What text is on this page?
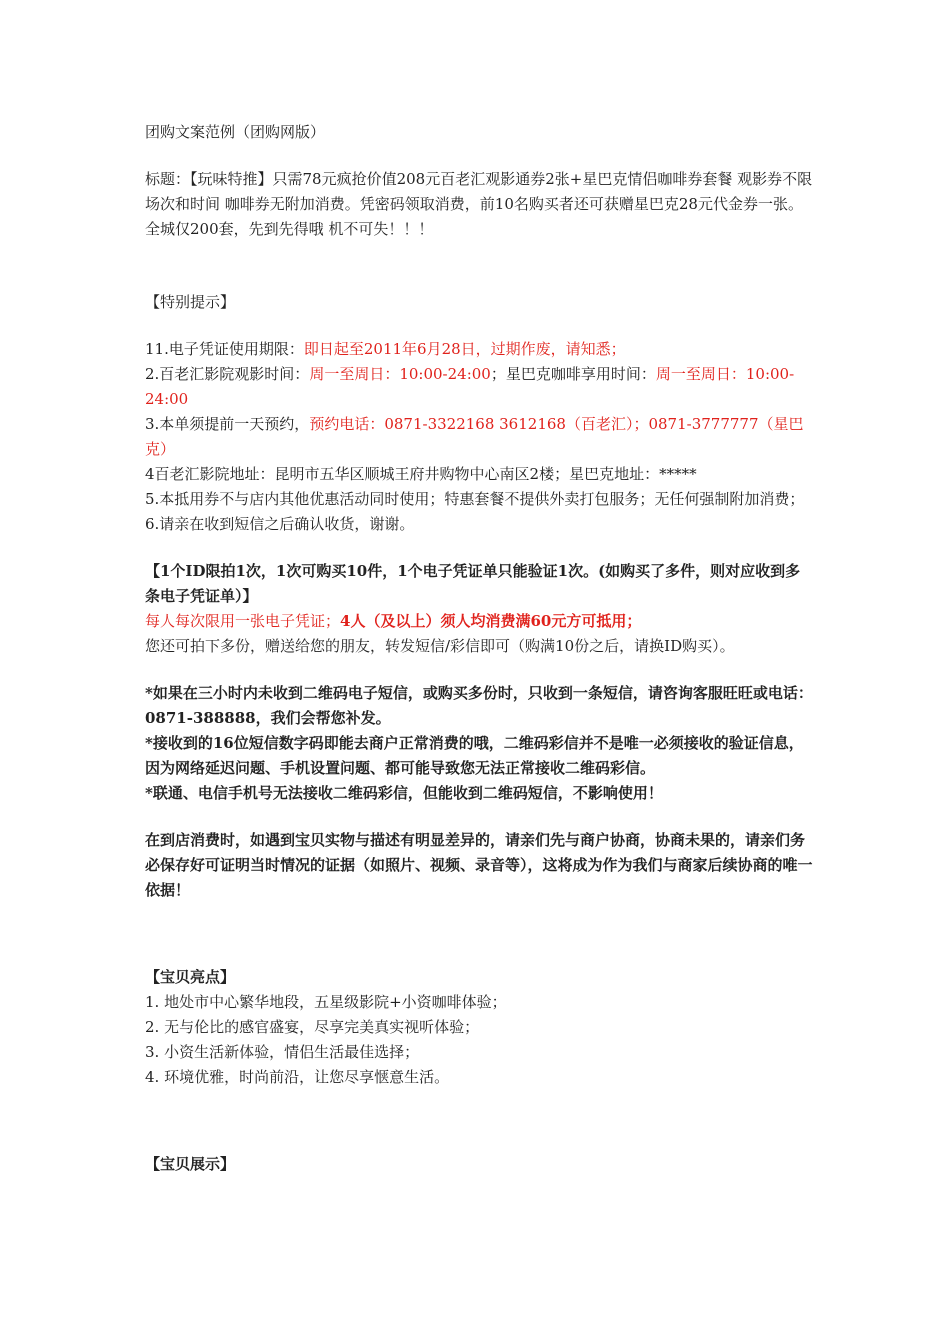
团购文案范例（团购网版）

标题：【玩味特推】只需78元疯抢价值208元百老汇观影通券2张+星巴克情侣咖啡券套餐 观影券不限场次和时间 咖啡券无附加消费。凭密码领取消费，前10名购买者还可获赠星巴克28元代金券一张。全城仅200套，先到先得哦 机不可失！！！

【特别提示】

11.电子凭证使用期限：即日起至2011年6月28日，过期作废，请知悉；

2.百老汇影院观影时间：周一至周日：10:00-24:00；星巴克咖啡享用时间：周一至周日：10:00-24:00

3.本单须提前一天预约，预约电话：0871-3322168 3612168（百老汇）；0871-3777777（星巴克）

4百老汇影院地址：昆明市五华区顺城王府井购物中心南区2楼；星巴克地址：*****

5.本抵用券不与店内其他优惠活动同时使用；特惠套餐不提供外卖打包服务；无任何强制附加消费；

6.请亲在收到短信之后确认收货，谢谢。

【1个ID限拍1次，1次可购买10件，1个电子凭证单只能验证1次。(如购买了多件，则对应收到多条电子凭证单）】

每人每次限用一张电子凭证；4人（及以上）须人均消费满60元方可抵用；

您还可拍下多份，赠送给您的朋友，转发短信/彩信即可（购满10份之后，请换ID购买）。

*如果在三小时内未收到二维码电子短信，或购买多份时，只收到一条短信，请咨询客服旺旺或电话：0871-388888，我们会帮您补发。

*接收到的16位短信数字码即能去商户正常消费的哦，二维码彩信并不是唯一必须接收的验证信息，因为网络延迟问题、手机设置问题、都可能导致您无法正常接收二维码彩信。

*联通、电信手机号无法接收二维码彩信，但能收到二维码短信，不影响使用！

在到店消费时，如遇到宝贝实物与描述有明显差异的，请亲们先与商户协商，协商未果的，请亲们务必保存好可证明当时情况的证据（如照片、视频、录音等），这将成为作为我们与商家后续协商的唯一依据！

【宝贝亮点】

1. 地处市中心繁华地段，五星级影院+小资咖啡体验；

2. 无与伦比的感官盛宴，尽享完美真实视听体验；

3. 小资生活新体验，情侣生活最佳选择；

4. 环境优雅，时尚前沿，让您尽享惬意生活。

【宝贝展示】
